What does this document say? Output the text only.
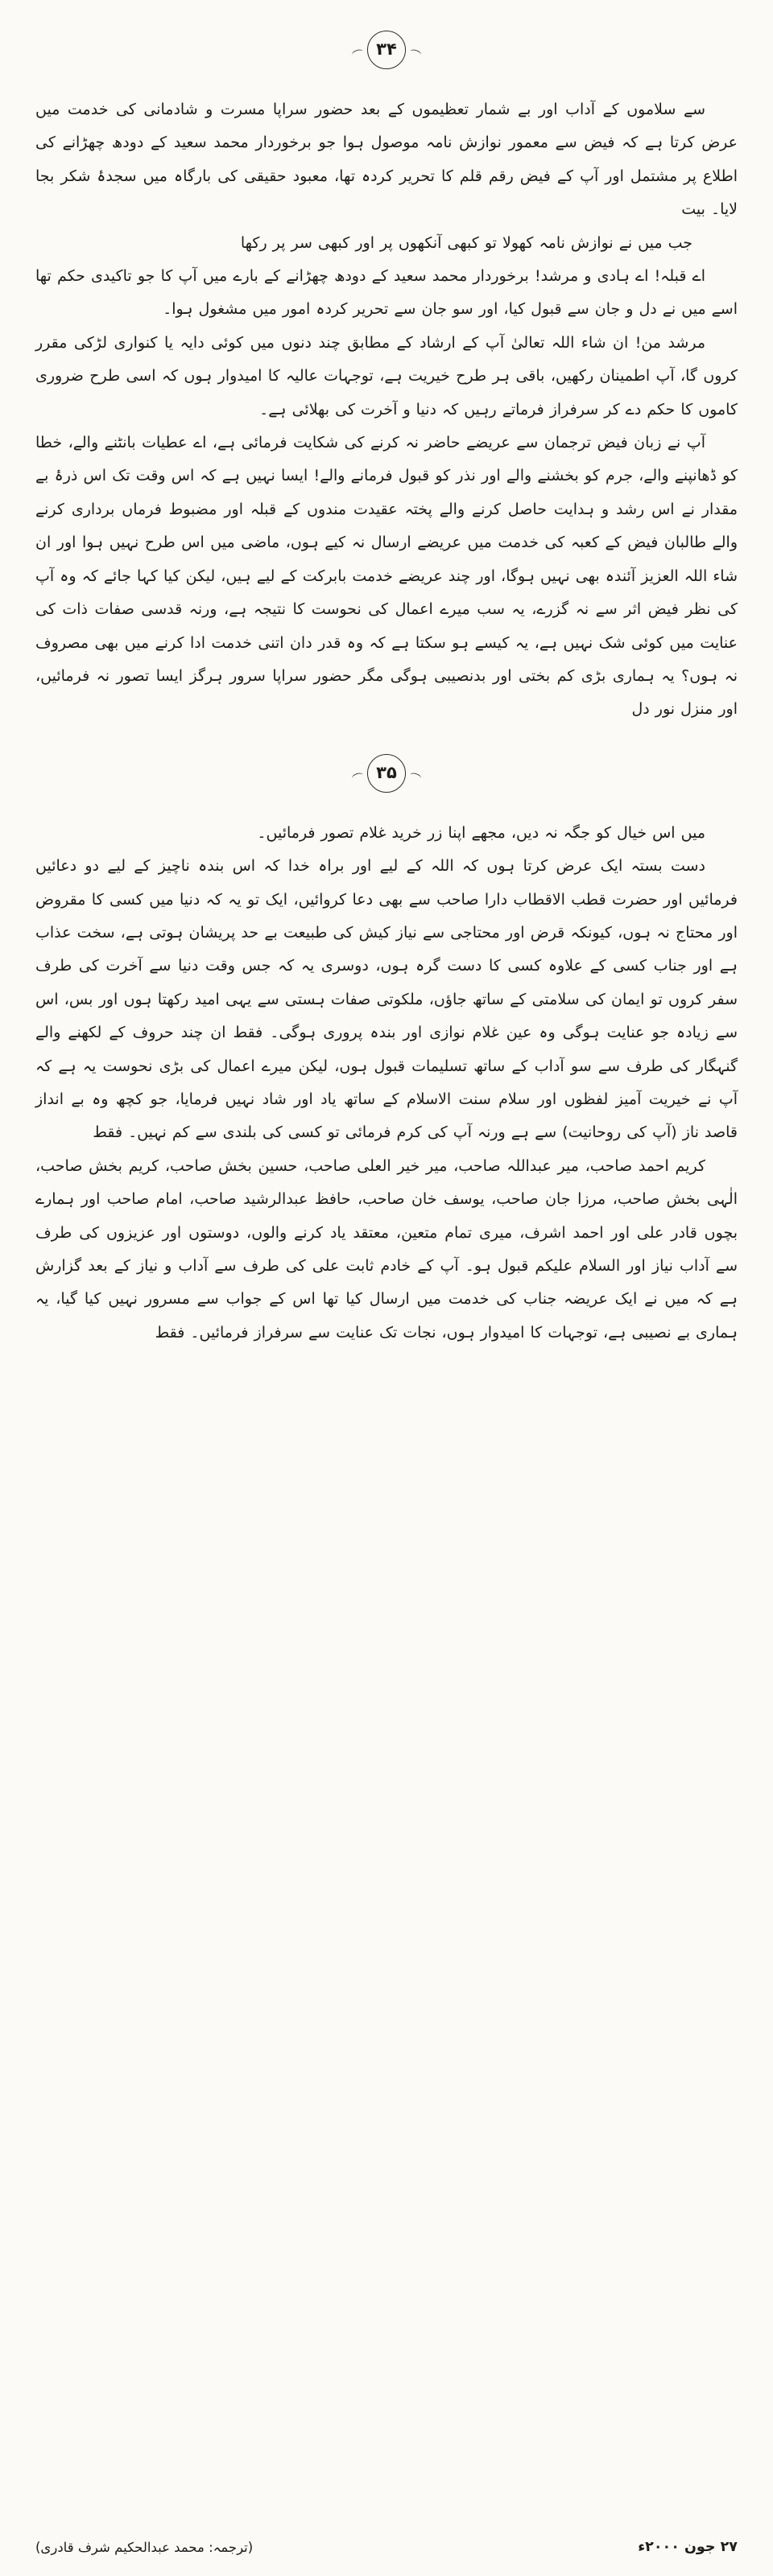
۳۴

سے سلاموں کے آداب اور بے شمار تعظیموں کے بعد حضور سراپا مسرت و شادمانی کی خدمت میں عرض کرتا ہے کہ فیض سے معمور نوازش نامہ موصول ہوا جو برخوردار محمد سعید کے دودھ چھڑانے کی اطلاع پر مشتمل اور آپ کے فیض رقم قلم کا تحریر کردہ تھا، معبود حقیقی کی بارگاہ میں سجدۂ شکر بجا لایا۔ بیت

جب میں نے نوازش نامہ کھولا تو کبھی آنکھوں پر اور کبھی سر پر رکھا

اے قبلہ! اے ہادی و مرشد! برخوردار محمد سعید کے دودھ چھڑانے کے بارے میں آپ کا جو تاکیدی حکم تھا اسے میں نے دل و جان سے قبول کیا، اور سو جان سے تحریر کردہ امور میں مشغول ہوا۔

مرشد من! ان شاء اللہ تعالیٰ آپ کے ارشاد کے مطابق چند دنوں میں کوئی دایہ یا کنواری لڑکی مقرر کروں گا، آپ اطمینان رکھیں، باقی ہر طرح خیریت ہے، توجہات عالیہ کا امیدوار ہوں کہ اسی طرح ضروری کاموں کا حکم دے کر سرفراز فرماتے رہیں کہ دنیا و آخرت کی بھلائی ہے۔

آپ نے زبان فیض ترجمان سے عریضے حاضر نہ کرنے کی شکایت فرمائی ہے، اے عطیات بانٹنے والے، خطا کو ڈھانپنے والے، جرم کو بخشنے والے اور نذر کو قبول فرمانے والے! ایسا نہیں ہے کہ اس وقت تک اس ذرۂ بے مقدار نے اس رشد و ہدایت حاصل کرنے والے پختہ عقیدت مندوں کے قبلہ اور مضبوط فرماں برداری کرنے والے طالبان فیض کے کعبہ کی خدمت میں عریضے ارسال نہ کیے ہوں، ماضی میں اس طرح نہیں ہوا اور ان شاء اللہ العزیز آئندہ بھی نہیں ہوگا، اور چند عریضے خدمت بابرکت کے لیے ہیں، لیکن کیا کہا جائے کہ وہ آپ کی نظر فیض اثر سے نہ گزرے، یہ سب میرے اعمال کی نحوست کا نتیجہ ہے، ورنہ قدسی صفات ذات کی عنایت میں کوئی شک نہیں ہے، یہ کیسے ہو سکتا ہے کہ وہ قدر دان اتنی خدمت ادا کرنے میں بھی مصروف نہ ہوں؟ یہ ہماری بڑی کم بختی اور بدنصیبی ہوگی مگر حضور سراپا سرور ہرگز ایسا تصور نہ فرمائیں، اور منزل نور دل

۳۵

میں اس خیال کو جگہ نہ دیں، مجھے اپنا زر خرید غلام تصور فرمائیں۔

دست بستہ ایک عرض کرتا ہوں کہ اللہ کے لیے اور براہ خدا کہ اس بندہ ناچیز کے لیے دو دعائیں فرمائیں اور حضرت قطب الاقطاب دارا صاحب سے بھی دعا کروائیں، ایک تو یہ کہ دنیا میں کسی کا مقروض اور محتاج نہ ہوں، کیونکہ قرض اور محتاجی سے نیاز کیش کی طبیعت بے حد پریشان ہوتی ہے، سخت عذاب ہے اور جناب کسی کے علاوہ کسی کا دست گرہ ہوں، دوسری یہ کہ جس وقت دنیا سے آخرت کی طرف سفر کروں تو ایمان کی سلامتی کے ساتھ جاؤں، ملکوتی صفات ہستی سے یہی امید رکھتا ہوں اور بس، اس سے زیادہ جو عنایت ہوگی وہ عین غلام نوازی اور بندہ پروری ہوگی۔ فقط ان چند حروف کے لکھنے والے گنہگار کی طرف سے سو آداب کے ساتھ تسلیمات قبول ہوں، لیکن میرے اعمال کی بڑی نحوست یہ ہے کہ آپ نے خیریت آمیز لفظوں اور سلام سنت الاسلام کے ساتھ یاد اور شاد نہیں فرمایا، جو کچھ وہ بے انداز قاصد ناز (آپ کی روحانیت) سے ہے ورنہ آپ کی کرم فرمائی تو کسی کی بلندی سے کم نہیں۔ فقط

کریم احمد صاحب، میر عبداللہ صاحب، میر خیر العلی صاحب، حسین بخش صاحب، کریم بخش صاحب، الٰہی بخش صاحب، مرزا جان صاحب، یوسف خان صاحب، حافظ عبدالرشید صاحب، امام صاحب اور ہمارے بچوں قادر علی اور احمد اشرف، میری تمام متعین، معتقد یاد کرنے والوں، دوستوں اور عزیزوں کی طرف سے آداب نیاز اور السلام علیکم قبول ہو۔ آپ کے خادم ثابت علی کی طرف سے آداب و نیاز کے بعد گزارش ہے کہ میں نے ایک عریضہ جناب کی خدمت میں ارسال کیا تھا اس کے جواب سے مسرور نہیں کیا گیا، یہ ہماری بے نصیبی ہے، توجہات کا امیدوار ہوں، نجات تک عنایت سے سرفراز فرمائیں۔ فقط

۲۷ جون ۲۰۰۰ء
(ترجمہ: محمد عبدالحکیم شرف قادری)
